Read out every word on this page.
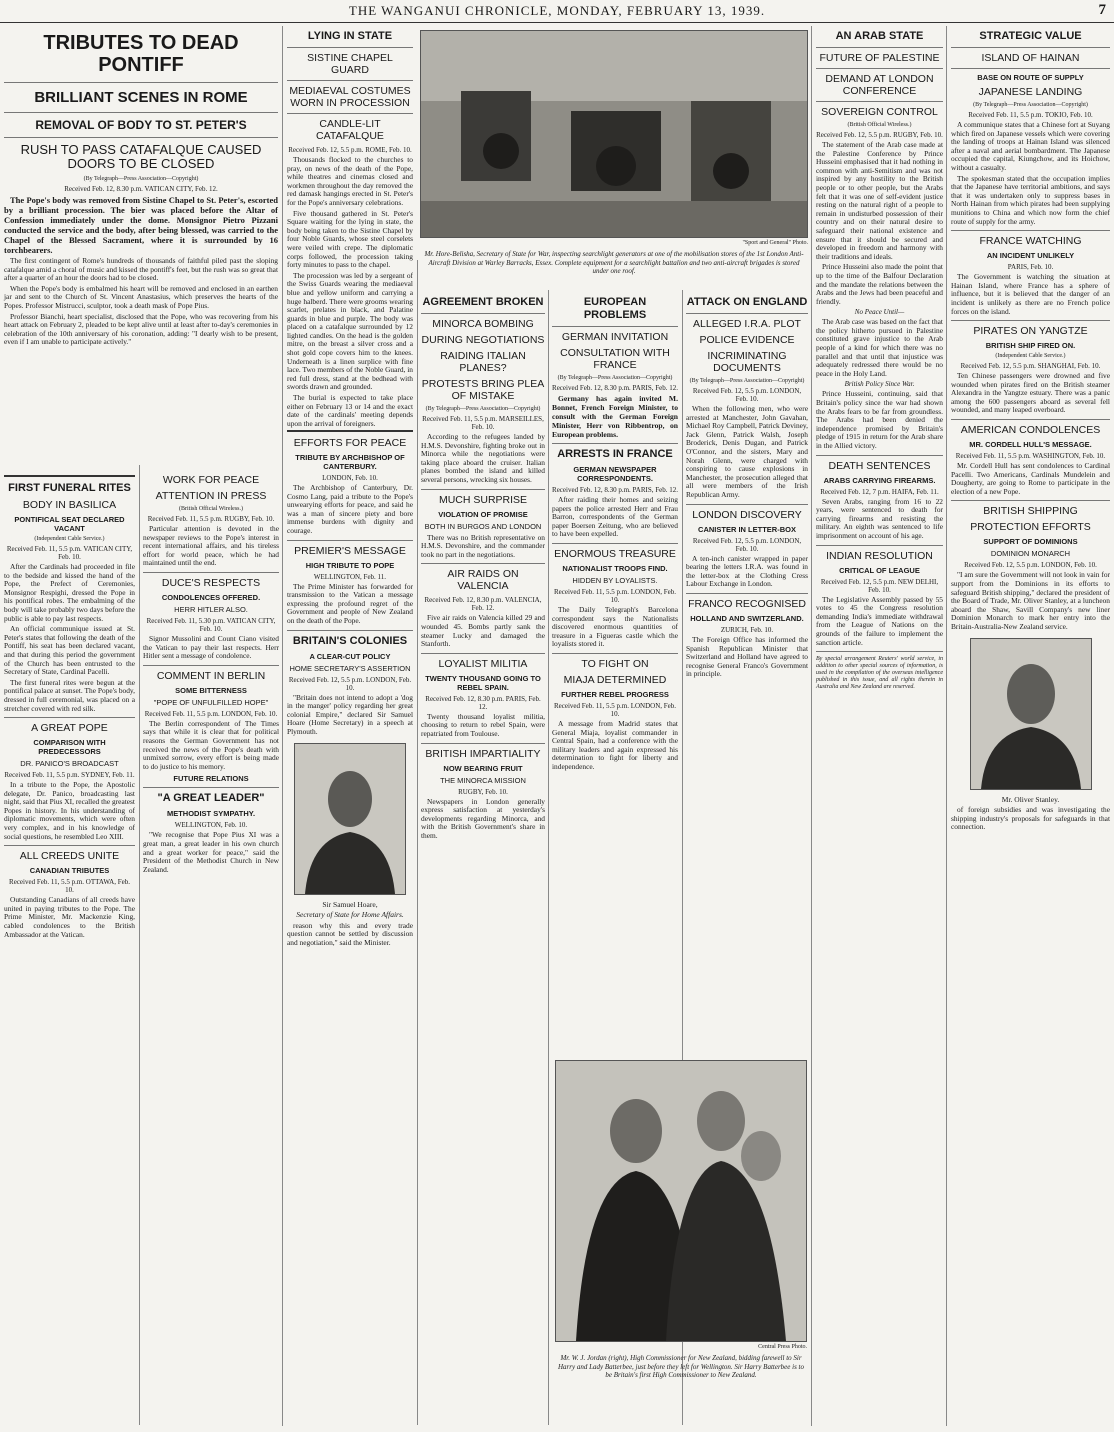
THE WANGANUI CHRONICLE, MONDAY, FEBRUARY 13, 1939.	7
TRIBUTES TO DEAD PONTIFF
BRILLIANT SCENES IN ROME
REMOVAL OF BODY TO ST. PETER'S
RUSH TO PASS CATAFALQUE CAUSED DOORS TO BE CLOSED
(By Telegraph—Press Association—Copyright)
Received Feb. 12, 8.30 p.m. VATICAN CITY, Feb. 12.

The Pope's body was removed from Sistine Chapel to St. Peter's, escorted by a brilliant procession. The bier was placed before the Altar of Confession immediately under the dome. Monsignor Pietro Pizzani conducted the service and the body, after being blessed, was carried to the Chapel of the Blessed Sacrament, where it is surrounded by 16 torchbearers.

The first contingent of Rome's hundreds of thousands of faithful piled past the sloping catafalque amid a choral of music and kissed the pontiff's feet, but the rush was so great that after a quarter of an hour the doors had to be closed.

When the Pope's body is embalmed his heart will be removed and enclosed in an earthen jar and sent to the Church of St. Vincent Anastasius, which preserves the hearts of the Popes. Professor Mistrucci, sculptor, took a death mask of Pope Pius.

Professor Bianchi, heart specialist, disclosed that the Pope, who was recovering from his heart attack on February 2, pleaded to be kept alive until at least after to-day's ceremonies in celebration of the 10th anniversary of his coronation, adding: "I dearly wish to be present, even if I am unable to participate actively."

FIRST FUNERAL RITES
BODY IN BASILICA
PONTIFICAL SEAT DECLARED VACANT
(Independent Cable Service.)
Received Feb. 11, 5.5 p.m. VATICAN CITY, Feb. 10.

After the Cardinals had proceeded in file to the bedside and kissed the hand of the Pope, the Prefect of Ceremonies, Monsignor Respighi, dressed the Pope in his pontifical robes. The embalming of the body will take probably two days before the public is able to pay last respects.

An official communique issued at St. Peter's states that following the death of the Pontiff, his seat has been declared vacant, and that during this period the government of the Church has been entrusted to the Secretary of State, Cardinal Pacelli.

The first funeral rites were begun at the pontifical palace at sunset. The Pope's body, dressed in full ceremonial, was placed on a stretcher covered with red silk.

A GREAT POPE
COMPARISON WITH PREDECESSORS
DR. PANICO'S BROADCAST
Received Feb. 11, 5.5 p.m. SYDNEY, Feb. 11.

In a tribute to the Pope, the Apostolic delegate, Dr. Panico, broadcasting last night, said that Pius XI, recalled the greatest Popes in history. In his understanding of diplomatic movements, which were often very complex, and in his knowledge of social questions, he resembled Leo XIII.

ALL CREEDS UNITE
CANADIAN TRIBUTES
Received Feb. 11, 5.5 p.m. OTTAWA, Feb. 10.

Outstanding Canadians of all creeds have united in paying tributes to the Pope. The Prime Minister, Mr. Mackenzie King, cabled condolences to the British Ambassador at the Vatican.

WORK FOR PEACE
ATTENTION IN PRESS
(British Official Wireless.)
Received Feb. 11, 5.5 p.m. RUGBY, Feb. 10.

Particular attention is devoted in the newspaper reviews to the Pope's interest in recent international affairs, and his tireless effort for world peace, which he had maintained until the end.

DUCE'S RESPECTS
CONDOLENCES OFFERED.
HERR HITLER ALSO.
Received Feb. 11, 5.30 p.m. VATICAN CITY, Feb. 10.

Signor Mussolini and Count Ciano visited the Vatican to pay their last respects. Herr Hitler sent a message of condolence.

COMMENT IN BERLIN
SOME BITTERNESS
"POPE OF UNFULFILLED HOPE"
Received Feb. 11, 5.5 p.m. LONDON, Feb. 10.

The Berlin correspondent of The Times says that while it is clear that for political reasons the German Government has not received the news of the Pope's death with unmixed sorrow, every effort is being made to do justice to his memory.

FUTURE RELATIONS
"A GREAT LEADER"
METHODIST SYMPATHY.
WELLINGTON, Feb. 10.

"We recognise that Pope Pius XI was a great man, a great leader in his own church and a great worker for peace," said the President of the Methodist Church in New Zealand.

LYING IN STATE
SISTINE CHAPEL GUARD
MEDIAEVAL COSTUMES WORN IN PROCESSION
CANDLE-LIT CATAFALQUE
Received Feb. 12, 5.5 p.m. ROME, Feb. 10.

Thousands flocked to the churches to pray, on news of the death of the Pope, while theatres and cinemas closed and workmen throughout the day removed the red damask hangings erected in St. Peter's for the Pope's anniversary celebrations.

Five thousand gathered in St. Peter's Square waiting for the lying in state, the body being taken to the Sistine Chapel by four Noble Guards, whose steel corselets were veiled with crepe. The diplomatic corps followed, the procession taking forty minutes to pass to the chapel.

The procession was led by a sergeant of the Swiss Guards wearing the mediaeval blue and yellow uniform and carrying a huge halberd. There were grooms wearing scarlet, prelates in black, and Palatine guards in blue and purple. The body was placed on a catafalque surrounded by 12 lighted candles. On the head is the golden mitre, on the breast a silver cross and a shot gold cope covers him to the knees. Underneath is a linen surplice with fine lace. Two members of the Noble Guard, in red full dress, stand at the bedhead with swords drawn and grounded.

The burial is expected to take place either on February 13 or 14 and the exact date of the cardinals' meeting depends upon the arrival of foreigners.

EFFORTS FOR PEACE
TRIBUTE BY ARCHBISHOP OF CANTERBURY.
LONDON, Feb. 10.

The Archbishop of Canterbury, Dr. Cosmo Lang, paid a tribute to the Pope's unwearying efforts for peace, and said he was a man of sincere piety and bore immense burdens with dignity and courage.

PREMIER'S MESSAGE
HIGH TRIBUTE TO POPE
WELLINGTON, Feb. 11.

The Prime Minister has forwarded for transmission to the Vatican a message expressing the profound regret of the Government and people of New Zealand on the death of the Pope.

BRITAIN'S COLONIES
A CLEAR-CUT POLICY
HOME SECRETARY'S ASSERTION
Received Feb. 12, 5.5 p.m. LONDON, Feb. 10.

"Britain does not intend to adopt a 'dog in the manger' policy regarding her great colonial Empire," declared Sir Samuel Hoare (Home Secretary) in a speech at Plymouth.

Sir Samuel Hoare,
Secretary of State for Home Affairs.

reason why this and every trade question cannot be settled by discussion and negotiation," said the Minister.

"Sport and General" Photo.
Mr. Hore-Belisha, Secretary of State for War, inspecting searchlight generators at one of the mobilisation stores of the 1st London Anti-Aircraft Division at Warley Barracks, Essex. Complete equipment for a searchlight battalion and two anti-aircraft brigades is stored under one roof.
AGREEMENT BROKEN
MINORCA BOMBING
DURING NEGOTIATIONS
RAIDING ITALIAN PLANES?
PROTESTS BRING PLEA OF MISTAKE
(By Telegraph—Press Association—Copyright)
Received Feb. 11, 5.5 p.m. MARSEILLES, Feb. 10.

According to the refugees landed by H.M.S. Devonshire, fighting broke out in Minorca while the negotiations were taking place aboard the cruiser. Italian planes bombed the island and killed several persons, wrecking six houses.

MUCH SURPRISE
VIOLATION OF PROMISE
BOTH IN BURGOS AND LONDON

There was no British representative on H.M.S. Devonshire, and the commander took no part in the negotiations.

AIR RAIDS ON VALENCIA
Received Feb. 12, 8.30 p.m. VALENCIA, Feb. 12.

Five air raids on Valencia killed 29 and wounded 45. Bombs partly sank the steamer Lucky and damaged the Stanforth.

LOYALIST MILITIA
TWENTY THOUSAND GOING TO REBEL SPAIN.
Received Feb. 12, 8.30 p.m. PARIS, Feb. 12.

Twenty thousand loyalist militia, choosing to return to rebel Spain, were repatriated from Toulouse.

BRITISH IMPARTIALITY
NOW BEARING FRUIT
THE MINORCA MISSION
RUGBY, Feb. 10.

Newspapers in London generally express satisfaction at yesterday's developments regarding Minorca, and with the British Government's share in them.

EUROPEAN PROBLEMS
GERMAN INVITATION
CONSULTATION WITH FRANCE
(By Telegraph—Press Association—Copyright)
Received Feb. 12, 8.30 p.m. PARIS, Feb. 12.

Germany has again invited M. Bonnet, French Foreign Minister, to consult with the German Foreign Minister, Herr von Ribbentrop, on European problems.

ARRESTS IN FRANCE
GERMAN NEWSPAPER CORRESPONDENTS.
Received Feb. 12, 8.30 p.m. PARIS, Feb. 12.

After raiding their homes and seizing papers the police arrested Herr and Frau Barron, correspondents of the German paper Boersen Zeitung, who are believed to have been expelled.

ENORMOUS TREASURE
NATIONALIST TROOPS FIND.
HIDDEN BY LOYALISTS.
Received Feb. 11, 5.5 p.m. LONDON, Feb. 10.

The Daily Telegraph's Barcelona correspondent says the Nationalists discovered enormous quantities of treasure in a Figueras castle which the loyalists stored it.

TO FIGHT ON
MIAJA DETERMINED
FURTHER REBEL PROGRESS
Received Feb. 11, 5.5 p.m. LONDON, Feb. 10.

A message from Madrid states that General Miaja, loyalist commander in Central Spain, had a conference with the military leaders and again expressed his determination to fight for liberty and independence.

ATTACK ON ENGLAND
ALLEGED I.R.A. PLOT
POLICE EVIDENCE
INCRIMINATING DOCUMENTS
(By Telegraph—Press Association—Copyright)
Received Feb. 12, 5.5 p.m. LONDON, Feb. 10.

When the following men, who were arrested at Manchester, John Gavahan, Michael Roy Campbell, Patrick Deviney, Jack Glenn, Patrick Walsh, Joseph Broderick, Denis Dugan, and Patrick O'Connor, and the sisters, Mary and Norah Glenn, were charged with conspiring to cause explosions in Manchester, the prosecution alleged that all were members of the Irish Republican Army.

LONDON DISCOVERY
CANISTER IN LETTER-BOX
Received Feb. 12, 5.5 p.m. LONDON, Feb. 10.

A ten-inch canister wrapped in paper bearing the letters I.R.A. was found in the letter-box at the Clothing Cress Labour Exchange in London.

FRANCO RECOGNISED
HOLLAND AND SWITZERLAND.
ZURICH, Feb. 10.

The Foreign Office has informed the Spanish Republican Minister that Switzerland and Holland have agreed to recognise General Franco's Government in principle.

Central Press Photo.
Mr. W. J. Jordan (right), High Commissioner for New Zealand, bidding farewell to Sir Harry and Lady Batterbee, just before they left for Wellington. Sir Harry Batterbee is to be Britain's first High Commissioner to New Zealand.
AN ARAB STATE
FUTURE OF PALESTINE
DEMAND AT LONDON CONFERENCE
SOVEREIGN CONTROL
(British Official Wireless.)
Received Feb. 12, 5.5 p.m. RUGBY, Feb. 10.

The statement of the Arab case made at the Palestine Conference by Prince Husseini emphasised that it had nothing in common with anti-Semitism and was not inspired by any hostility to the British people or to other people, but the Arabs felt that it was one of self-evident justice resting on the natural right of a people to remain in undisturbed possession of their country and on their natural desire to safeguard their national existence and ensure that it should be secured and developed in freedom and harmony with their traditions and ideals.

Prince Husseini also made the point that up to the time of the Balfour Declaration and the mandate the relations between the Arabs and the Jews had been peaceful and friendly.

No Peace Until—

The Arab case was based on the fact that the policy hitherto pursued in Palestine constituted grave injustice to the Arab people of a kind for which there was no parallel and that until that injustice was adequately redressed there would be no peace in the Holy Land.

British Policy Since War.

Prince Husseini, continuing, said that Britain's policy since the war had shown the Arabs fears to be far from groundless. The Arabs had been denied the independence promised by Britain's pledge of 1915 in return for the Arab share in the Allied victory.

DEATH SENTENCES
ARABS CARRYING FIREARMS.
Received Feb. 12, 7 p.m. HAIFA, Feb. 11.

Seven Arabs, ranging from 16 to 22 years, were sentenced to death for carrying firearms and resisting the military. An eighth was sentenced to life imprisonment on account of his age.

INDIAN RESOLUTION
CRITICAL OF LEAGUE
Received Feb. 12, 5.5 p.m. NEW DELHI, Feb. 10.

The Legislative Assembly passed by 55 votes to 45 the Congress resolution demanding India's immediate withdrawal from the League of Nations on the grounds of the failure to implement the sanction article.

By special arrangement Reuters' world service, in addition to other special sources of information, is used in the compilation of the overseas intelligence published in this issue, and all rights therein in Australia and New Zealand are reserved.
STRATEGIC VALUE
ISLAND OF HAINAN
BASE ON ROUTE OF SUPPLY
JAPANESE LANDING
(By Telegraph—Press Association—Copyright)
Received Feb. 11, 5.5 p.m. TOKIO, Feb. 10.

A communique states that a Chinese fort at Suyang which fired on Japanese vessels which were covering the landing of troops at Hainan Island was silenced after a naval and aerial bombardment. The Japanese occupied the capital, Kiungchow, and its Hoichow, without a casualty.

The spokesman stated that the occupation implies that the Japanese have territorial ambitions, and says that it was undertaken only to suppress bases in North Hainan from which pirates had been supplying munitions to China and which now form the chief route of supply for the army.

FRANCE WATCHING
AN INCIDENT UNLIKELY
PARIS, Feb. 10.

The Government is watching the situation at Hainan Island, where France has a sphere of influence, but it is believed that the danger of an incident is unlikely as there are no French police forces on the island.

PIRATES ON YANGTZE
BRITISH SHIP FIRED ON.
(Independent Cable Service.)
Received Feb. 12, 5.5 p.m. SHANGHAI, Feb. 10.

Ten Chinese passengers were drowned and five wounded when pirates fired on the British steamer Alexandra in the Yangtze estuary. There was a panic among the 600 passengers aboard as several fell wounded, and many leaped overboard.

AMERICAN CONDOLENCES
MR. CORDELL HULL'S MESSAGE.
Received Feb. 11, 5.5 p.m. WASHINGTON, Feb. 10.

Mr. Cordell Hull has sent condolences to Cardinal Pacelli. Two Americans, Cardinals Mundelein and Dougherty, are going to Rome to participate in the election of a new Pope.

BRITISH SHIPPING
PROTECTION EFFORTS
SUPPORT OF DOMINIONS
DOMINION MONARCH
Received Feb. 12, 5.5 p.m. LONDON, Feb. 10.

"I am sure the Government will not look in vain for support from the Dominions in its efforts to safeguard British shipping," declared the president of the Board of Trade, Mr. Oliver Stanley, at a luncheon aboard the Shaw, Savill Company's new liner Dominion Monarch to mark her entry into the Britain-Australia-New Zealand service.

Mr. Oliver Stanley.

of foreign subsidies and was investigating the shipping industry's proposals for safeguards in that connection.
